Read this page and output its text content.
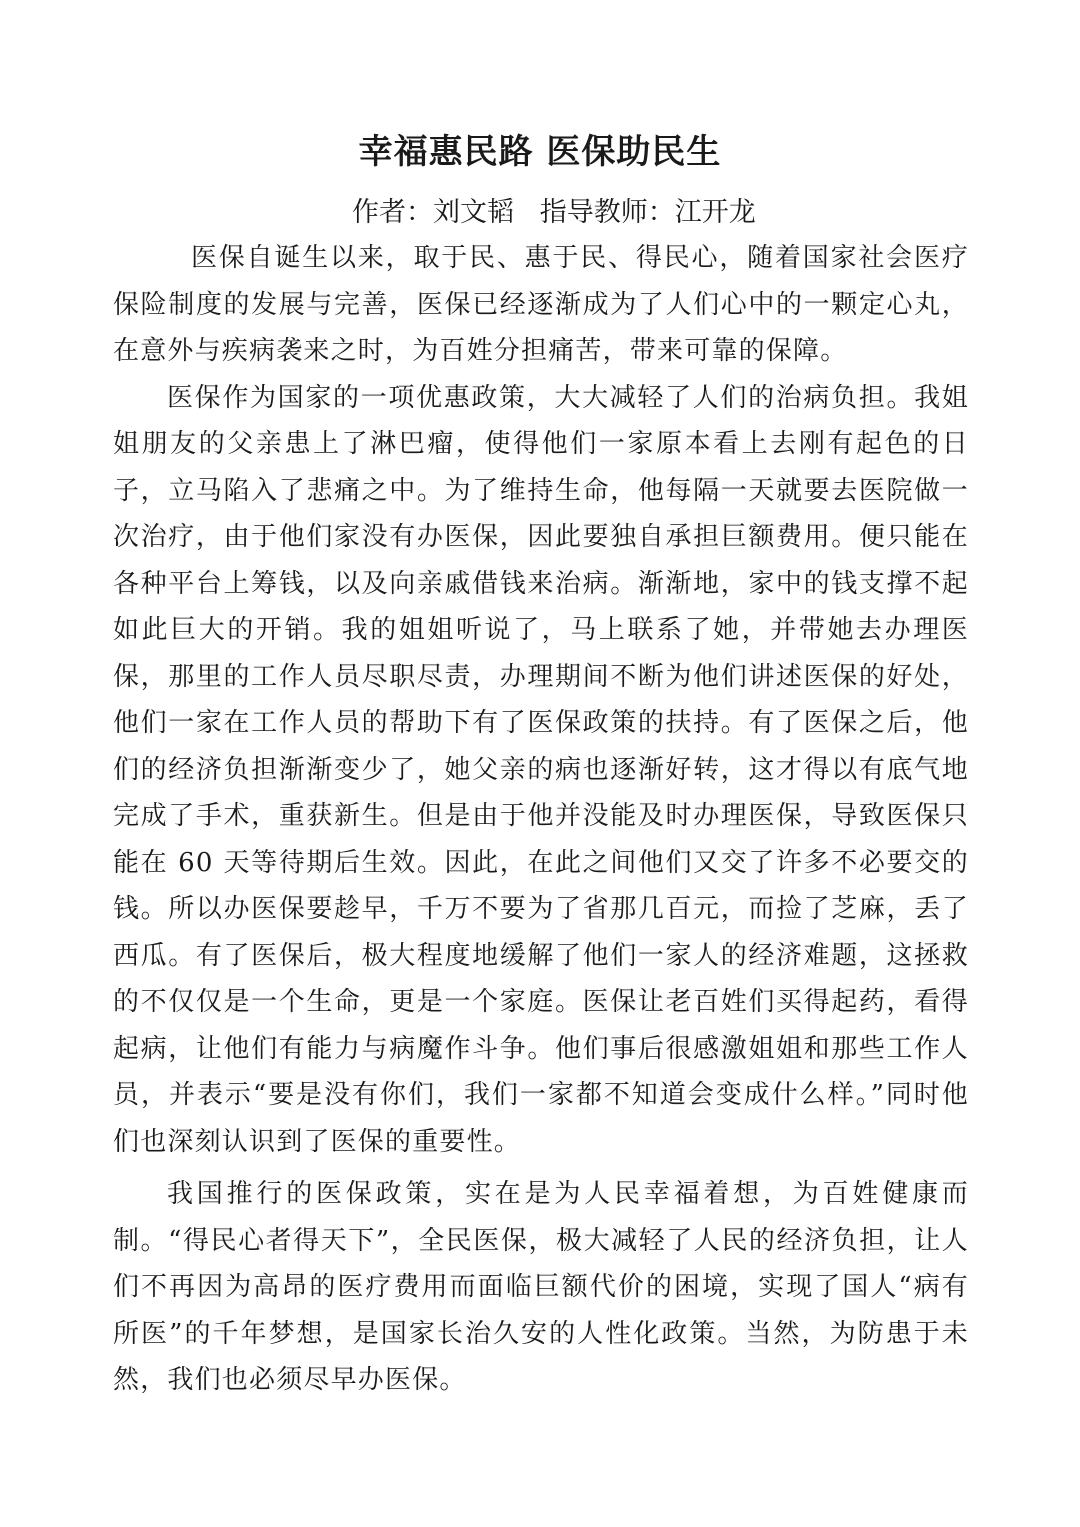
幸福惠民路 医保助民生
作者：刘文韬   指导教师：江开龙

医保自诞生以来，取于民、惠于民、得民心，随着国家社会医疗保险制度的发展与完善，医保已经逐渐成为了人们心中的一颗定心丸，在意外与疾病袭来之时，为百姓分担痛苦，带来可靠的保障。

医保作为国家的一项优惠政策，大大减轻了人们的治病负担。我姐姐朋友的父亲患上了淋巴瘤，使得他们一家原本看上去刚有起色的日子，立马陷入了悲痛之中。为了维持生命，他每隔一天就要去医院做一次治疗，由于他们家没有办医保，因此要独自承担巨额费用。便只能在各种平台上筹钱，以及向亲戚借钱来治病。渐渐地，家中的钱支撑不起如此巨大的开销。我的姐姐听说了，马上联系了她，并带她去办理医保，那里的工作人员尽职尽责，办理期间不断为他们讲述医保的好处，他们一家在工作人员的帮助下有了医保政策的扶持。有了医保之后，他们的经济负担渐渐变少了，她父亲的病也逐渐好转，这才得以有底气地完成了手术，重获新生。但是由于他并没能及时办理医保，导致医保只能在 60 天等待期后生效。因此，在此之间他们又交了许多不必要交的钱。所以办医保要趁早，千万不要为了省那几百元，而捡了芝麻，丢了西瓜。有了医保后，极大程度地缓解了他们一家人的经济难题，这拯救的不仅仅是一个生命，更是一个家庭。医保让老百姓们买得起药，看得起病，让他们有能力与病魔作斗争。他们事后很感激姐姐和那些工作人员，并表示“要是没有你们，我们一家都不知道会变成什么样。”同时他们也深刻认识到了医保的重要性。

我国推行的医保政策，实在是为人民幸福着想，为百姓健康而制。“得民心者得天下”，全民医保，极大减轻了人民的经济负担，让人们不再因为高昂的医疗费用而面临巨额代价的困境，实现了国人“病有所医”的千年梦想，是国家长治久安的人性化政策。当然，为防患于未然，我们也必须尽早办医保。
